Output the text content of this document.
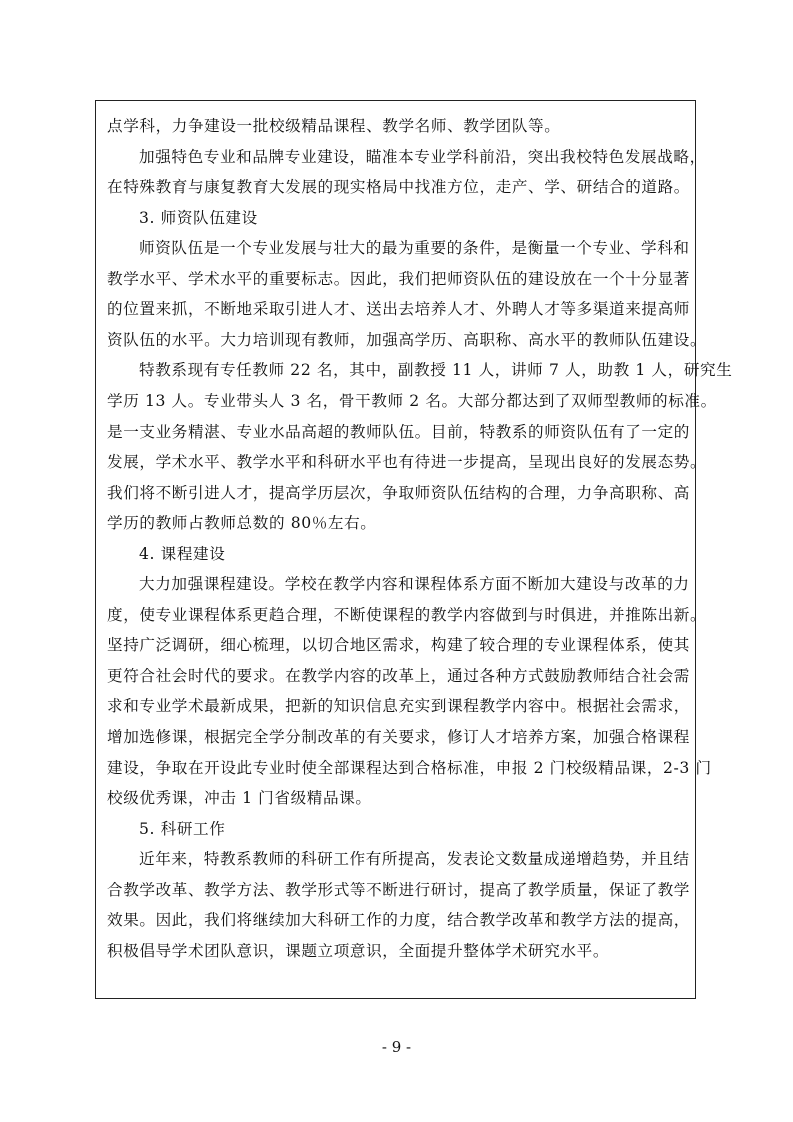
点学科，力争建设一批校级精品课程、教学名师、教学团队等。
加强特色专业和品牌专业建设，瞄准本专业学科前沿，突出我校特色发展战略，
在特殊教育与康复教育大发展的现实格局中找准方位，走产、学、研结合的道路。
3. 师资队伍建设
师资队伍是一个专业发展与壮大的最为重要的条件，是衡量一个专业、学科和
教学水平、学术水平的重要标志。因此，我们把师资队伍的建设放在一个十分显著
的位置来抓，不断地采取引进人才、送出去培养人才、外聘人才等多渠道来提高师
资队伍的水平。大力培训现有教师，加强高学历、高职称、高水平的教师队伍建设。
特教系现有专任教师 22 名，其中，副教授 11 人，讲师 7 人，助教 1 人，研究生
学历 13 人。专业带头人 3 名，骨干教师 2 名。大部分都达到了双师型教师的标准。
是一支业务精湛、专业水品高超的教师队伍。目前，特教系的师资队伍有了一定的
发展，学术水平、教学水平和科研水平也有待进一步提高，呈现出良好的发展态势。
我们将不断引进人才，提高学历层次，争取师资队伍结构的合理，力争高职称、高
学历的教师占教师总数的 80％左右。
4. 课程建设
大力加强课程建设。学校在教学内容和课程体系方面不断加大建设与改革的力
度，使专业课程体系更趋合理，不断使课程的教学内容做到与时俱进，并推陈出新。
坚持广泛调研，细心梳理，以切合地区需求，构建了较合理的专业课程体系，使其
更符合社会时代的要求。在教学内容的改革上，通过各种方式鼓励教师结合社会需
求和专业学术最新成果，把新的知识信息充实到课程教学内容中。根据社会需求，
增加选修课，根据完全学分制改革的有关要求，修订人才培养方案，加强合格课程
建设，争取在开设此专业时使全部课程达到合格标准，申报 2 门校级精品课，2-3 门
校级优秀课，冲击 1 门省级精品课。
5. 科研工作
近年来，特教系教师的科研工作有所提高，发表论文数量成递增趋势，并且结
合教学改革、教学方法、教学形式等不断进行研讨，提高了教学质量，保证了教学
效果。因此，我们将继续加大科研工作的力度，结合教学改革和教学方法的提高，
积极倡导学术团队意识，课题立项意识，全面提升整体学术研究水平。
- 9 -
